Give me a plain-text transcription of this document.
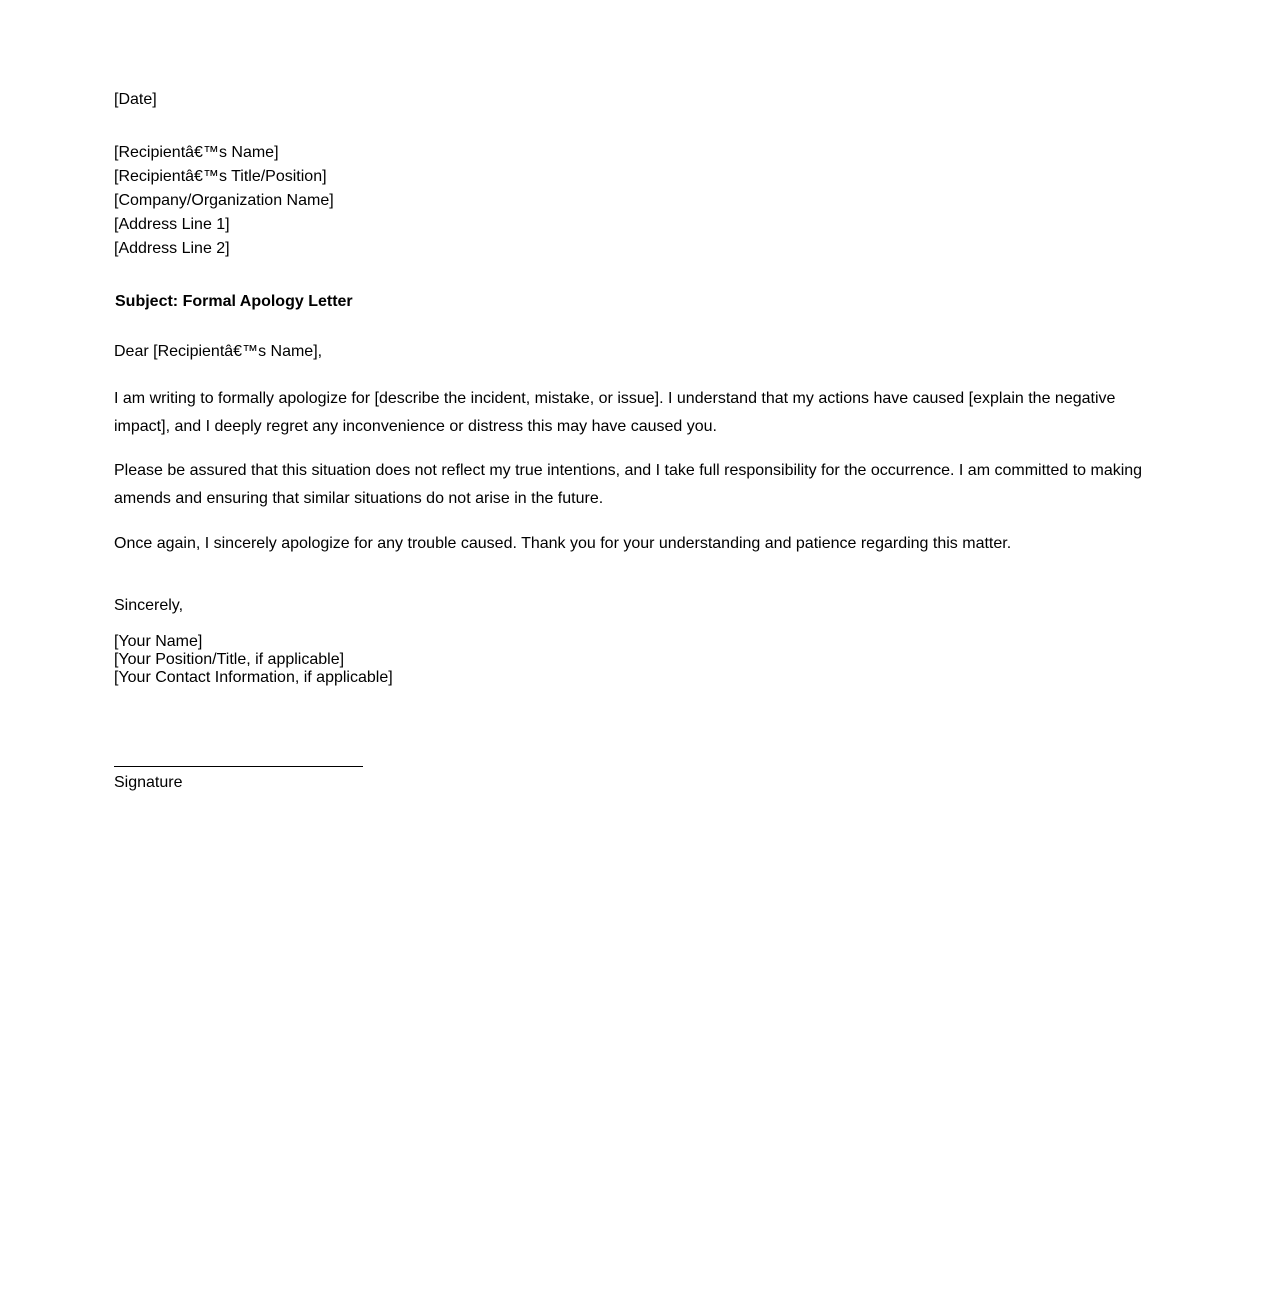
[Date]
[Recipientâ€™s Name]
[Recipientâ€™s Title/Position]
[Company/Organization Name]
[Address Line 1]
[Address Line 2]
Subject: Formal Apology Letter
Dear [Recipientâ€™s Name],
I am writing to formally apologize for [describe the incident, mistake, or issue]. I understand that my actions have caused [explain the negative impact], and I deeply regret any inconvenience or distress this may have caused you.
Please be assured that this situation does not reflect my true intentions, and I take full responsibility for the occurrence. I am committed to making amends and ensuring that similar situations do not arise in the future.
Once again, I sincerely apologize for any trouble caused. Thank you for your understanding and patience regarding this matter.
Sincerely,
[Your Name]
[Your Position/Title, if applicable]
[Your Contact Information, if applicable]
Signature
